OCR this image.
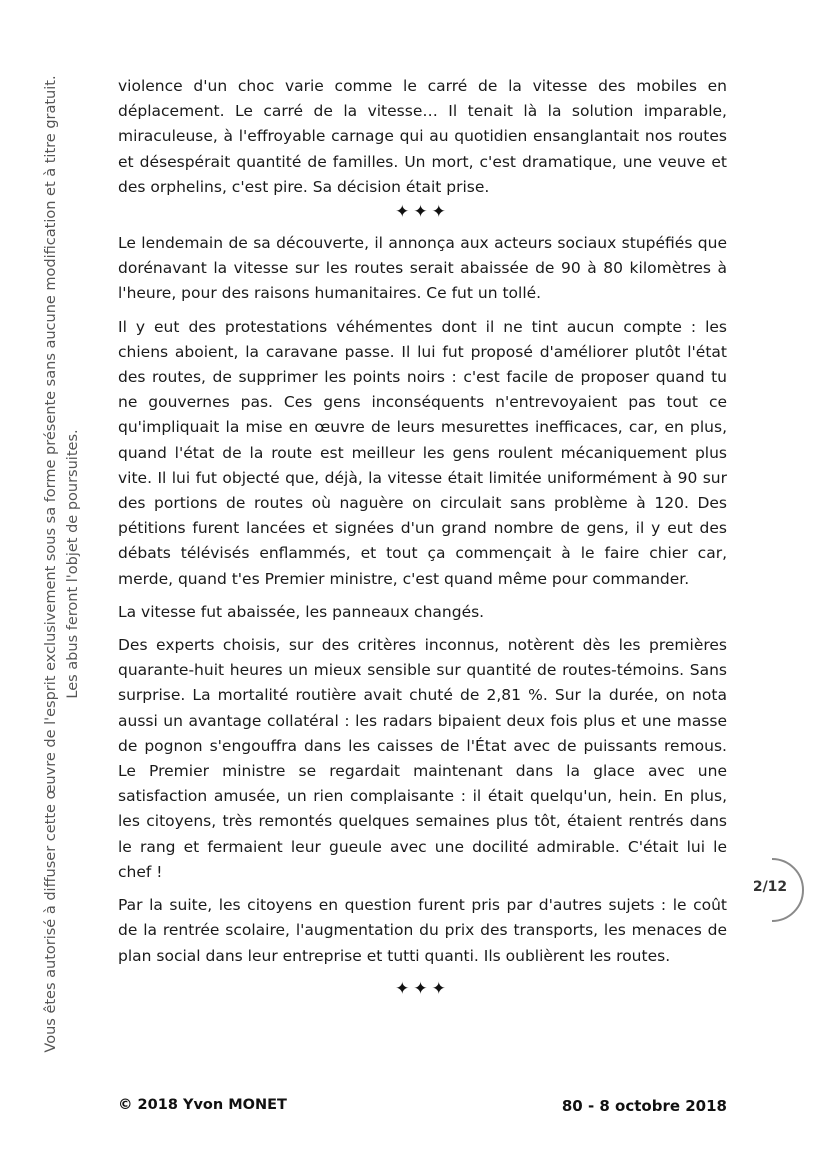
Vous êtes autorisé à diffuser cette œuvre de l'esprit exclusivement sous sa forme présente sans aucune modification et à titre gratuit. Les abus feront l'objet de poursuites.

violence d'un choc varie comme le carré de la vitesse des mobiles en déplacement. Le carré de la vitesse… Il tenait là la solution imparable, miraculeuse, à l'effroyable carnage qui au quotidien ensanglantait nos routes et désespérait quantité de familles. Un mort, c'est dramatique, une veuve et des orphelins, c'est pire. Sa décision était prise.

✦✦✦

Le lendemain de sa découverte, il annonça aux acteurs sociaux stupéfiés que dorénavant la vitesse sur les routes serait abaissée de 90 à 80 kilomètres à l'heure, pour des raisons humanitaires. Ce fut un tollé.

Il y eut des protestations véhémentes dont il ne tint aucun compte : les chiens aboient, la caravane passe. Il lui fut proposé d'améliorer plutôt l'état des routes, de supprimer les points noirs : c'est facile de proposer quand tu ne gouvernes pas. Ces gens inconséquents n'entrevoyaient pas tout ce qu'impliquait la mise en œuvre de leurs mesurettes inefficaces, car, en plus, quand l'état de la route est meilleur les gens roulent mécaniquement plus vite. Il lui fut objecté que, déjà, la vitesse était limitée uniformément à 90 sur des portions de routes où naguère on circulait sans problème à 120. Des pétitions furent lancées et signées d'un grand nombre de gens, il y eut des débats télévisés enflammés, et tout ça commençait à le faire chier car, merde, quand t'es Premier ministre, c'est quand même pour commander.

La vitesse fut abaissée, les panneaux changés.

Des experts choisis, sur des critères inconnus, notèrent dès les premières quarante-huit heures un mieux sensible sur quantité de routes-témoins. Sans surprise. La mortalité routière avait chuté de 2,81 %. Sur la durée, on nota aussi un avantage collatéral : les radars bipaient deux fois plus et une masse de pognon s'engouffra dans les caisses de l'État avec de puissants remous. Le Premier ministre se regardait maintenant dans la glace avec une satisfaction amusée, un rien complaisante : il était quelqu'un, hein. En plus, les citoyens, très remontés quelques semaines plus tôt, étaient rentrés dans le rang et fermaient leur gueule avec une docilité admirable. C'était lui le chef !

Par la suite, les citoyens en question furent pris par d'autres sujets : le coût de la rentrée scolaire, l'augmentation du prix des transports, les menaces de plan social dans leur entreprise et tutti quanti. Ils oublièrent les routes.

✦✦✦
2/12
© 2018 Yvon MONET	80 - 8 octobre 2018
